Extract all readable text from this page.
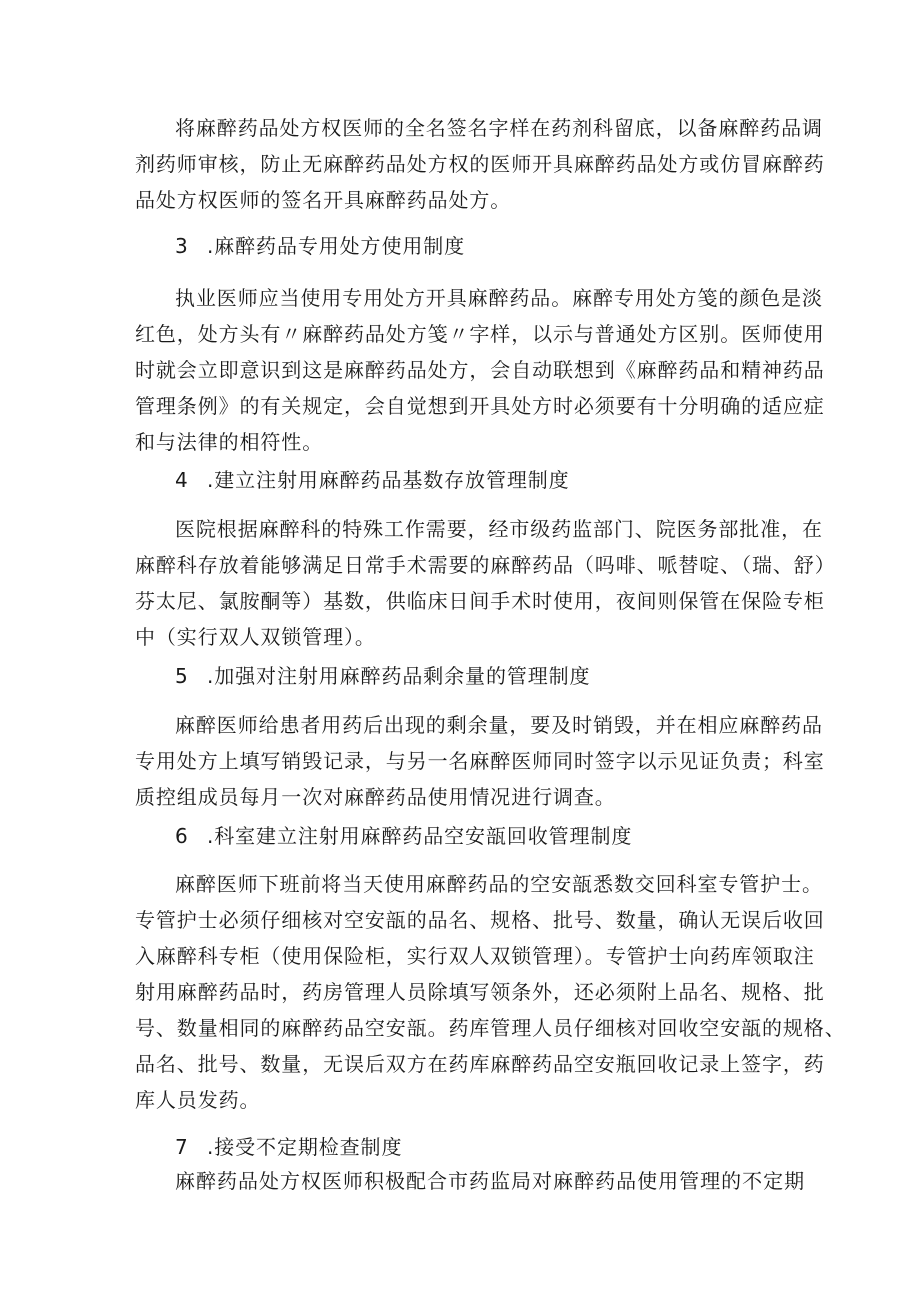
将麻醉药品处方权医师的全名签名字样在药剂科留底，以备麻醉药品调
剂药师审核，防止无麻醉药品处方权的医师开具麻醉药品处方或仿冒麻醉药
品处方权医师的签名开具麻醉药品处方。
3 .麻醉药品专用处方使用制度
执业医师应当使用专用处方开具麻醉药品。麻醉专用处方笺的颜色是淡
红色，处方头有〃麻醉药品处方笺〃字样，以示与普通处方区别。医师使用
时就会立即意识到这是麻醉药品处方，会自动联想到《麻醉药品和精神药品
管理条例》的有关规定，会自觉想到开具处方时必须要有十分明确的适应症
和与法律的相符性。
4 .建立注射用麻醉药品基数存放管理制度
医院根据麻醉科的特殊工作需要，经市级药监部门、院医务部批准，在
麻醉科存放着能够满足日常手术需要的麻醉药品（吗啡、哌替啶、（瑞、舒）
芬太尼、氯胺酮等）基数，供临床日间手术时使用，夜间则保管在保险专柜
中（实行双人双锁管理）。
5 .加强对注射用麻醉药品剩余量的管理制度
麻醉医师给患者用药后出现的剩余量，要及时销毁，并在相应麻醉药品
专用处方上填写销毁记录，与另一名麻醉医师同时签字以示见证负责；科室
质控组成员每月一次对麻醉药品使用情况进行调查。
6 .科室建立注射用麻醉药品空安瓿回收管理制度
麻醉医师下班前将当天使用麻醉药品的空安瓿悉数交回科室专管护士。
专管护士必须仔细核对空安瓿的品名、规格、批号、数量，确认无误后收回
入麻醉科专柜（使用保险柜，实行双人双锁管理）。专管护士向药库领取注
射用麻醉药品时，药房管理人员除填写领条外，还必须附上品名、规格、批
号、数量相同的麻醉药品空安瓿。药库管理人员仔细核对回收空安瓿的规格、
品名、批号、数量，无误后双方在药库麻醉药品空安瓶回收记录上签字，药
库人员发药。
7 .接受不定期检查制度
麻醉药品处方权医师积极配合市药监局对麻醉药品使用管理的不定期
